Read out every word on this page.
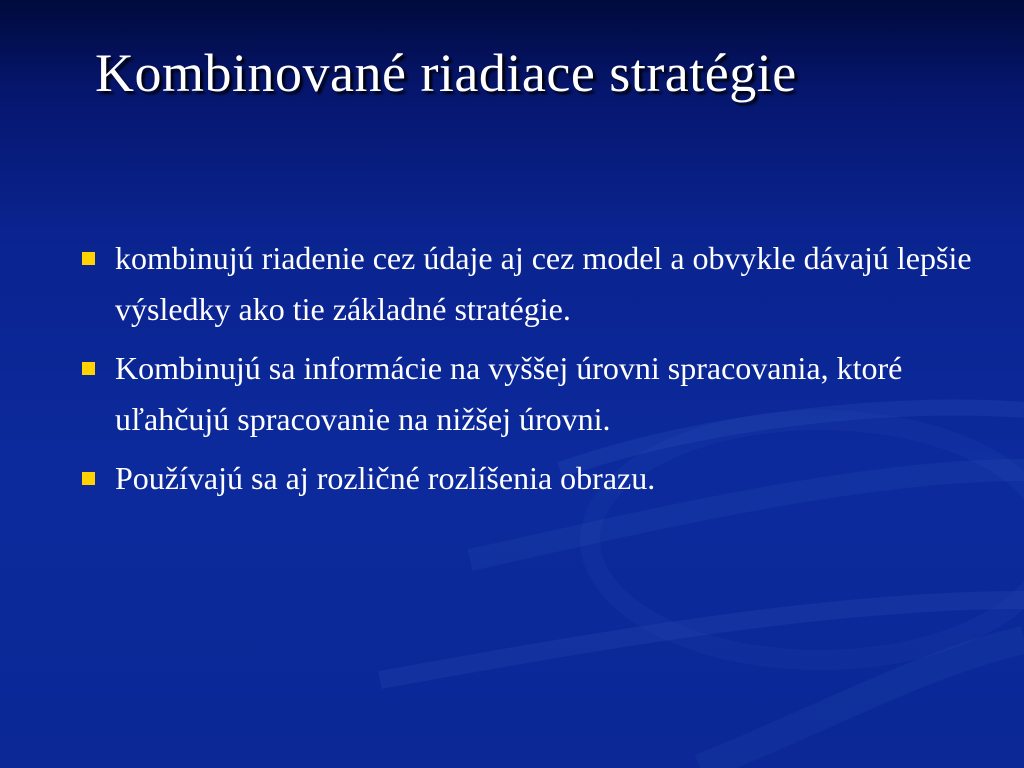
Kombinované riadiace stratégie
kombinujú riadenie cez údaje aj cez model a obvykle dávajú lepšie výsledky ako tie základné stratégie.
Kombinujú sa informácie na vyššej úrovni spracovania, ktoré uľahčujú spracovanie na nižšej úrovni.
Používajú sa aj rozličné rozlíšenia obrazu.
